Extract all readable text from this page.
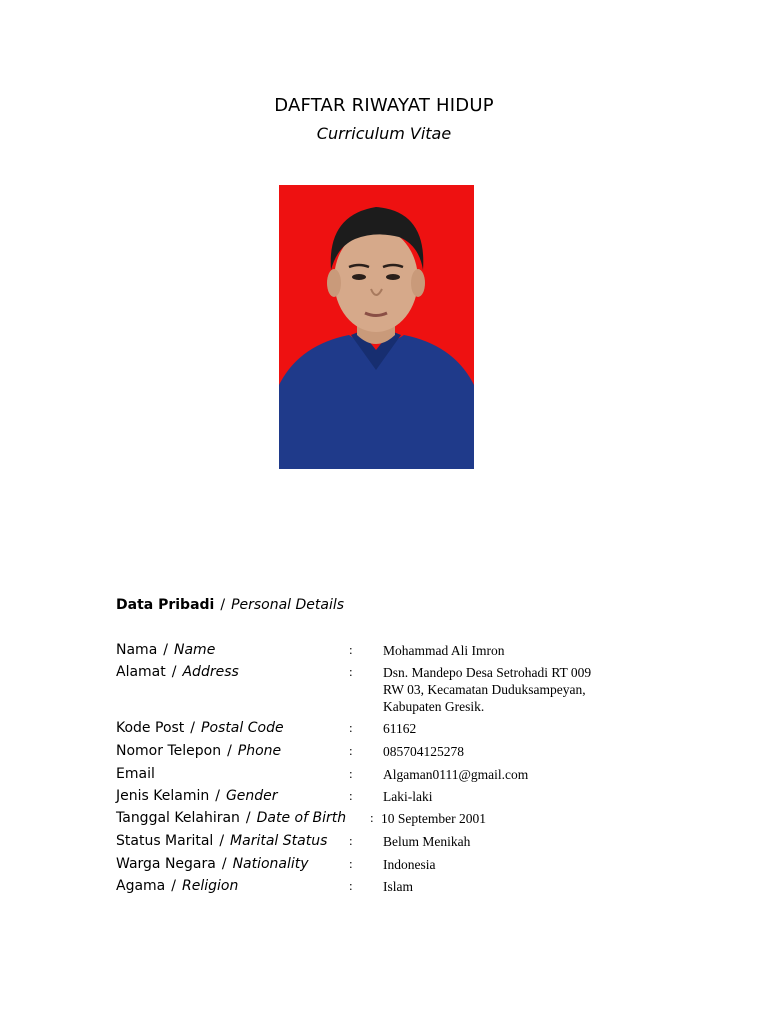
DAFTAR RIWAYAT HIDUP
Curriculum Vitae
Data Pribadi / Personal Details
Nama / Name	: Mohammad Ali Imron
Alamat / Address	: Dsn. Mandepo Desa Setrohadi RT 009
RW 03, Kecamatan Duduksampeyan,
Kabupaten Gresik.
Kode Post / Postal Code	: 61162
Nomor Telepon / Phone	: 085704125278
Email	: Algaman0111@gmail.com
Jenis Kelamin / Gender	: Laki-laki
Tanggal Kelahiran / Date of Birth : 10 September 2001
Status Marital / Marital Status : Belum Menikah
Warga Negara / Nationality	: Indonesia
Agama / Religion	: Islam
